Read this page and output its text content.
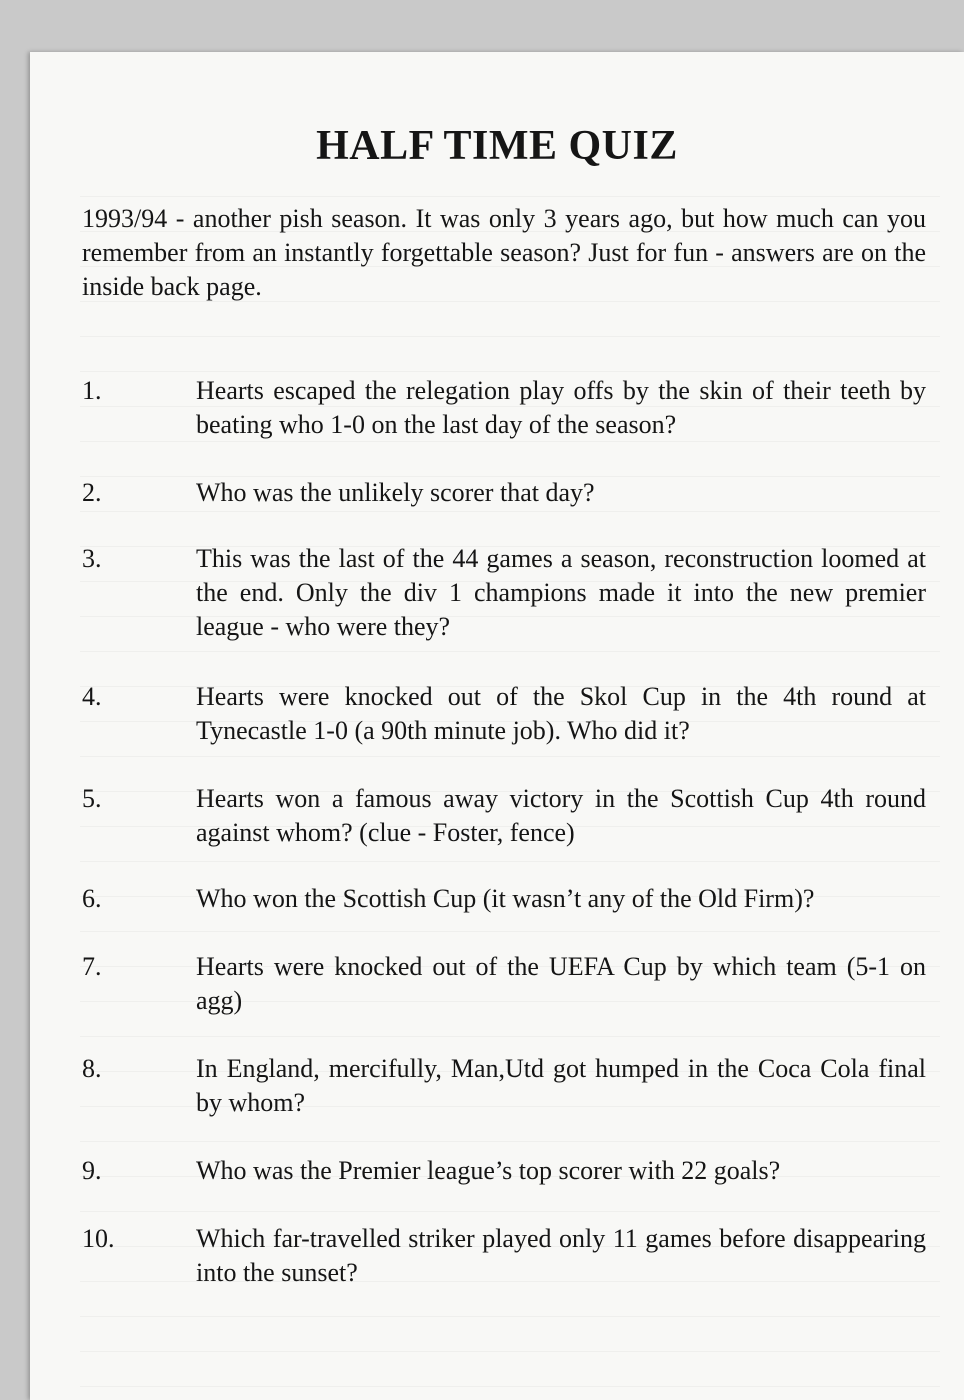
HALF TIME QUIZ

1993/94 - another pish season. It was only 3 years ago, but how much can you remember from an instantly forgettable season? Just for fun - answers are on the inside back page.

1.	Hearts escaped the relegation play offs by the skin of their teeth by beating who 1-0 on the last day of the season?
2.	Who was the unlikely scorer that day?
3.	This was the last of the 44 games a season, reconstruction loomed at the end. Only the div 1 champions made it into the new premier league - who were they?
4.	Hearts were knocked out of the Skol Cup in the 4th round at Tynecastle 1-0 (a 90th minute job). Who did it?
5.	Hearts won a famous away victory in the Scottish Cup 4th round against whom? (clue - Foster, fence)
6.	Who won the Scottish Cup (it wasn’t any of the Old Firm)?
7.	Hearts were knocked out of the UEFA Cup by which team (5-1 on agg)
8.	In England, mercifully, Man,Utd got humped in the Coca Cola final by whom?
9.	Who was the Premier league’s top scorer with 22 goals?
10.	Which far-travelled striker played only 11 games before disappearing into the sunset?
